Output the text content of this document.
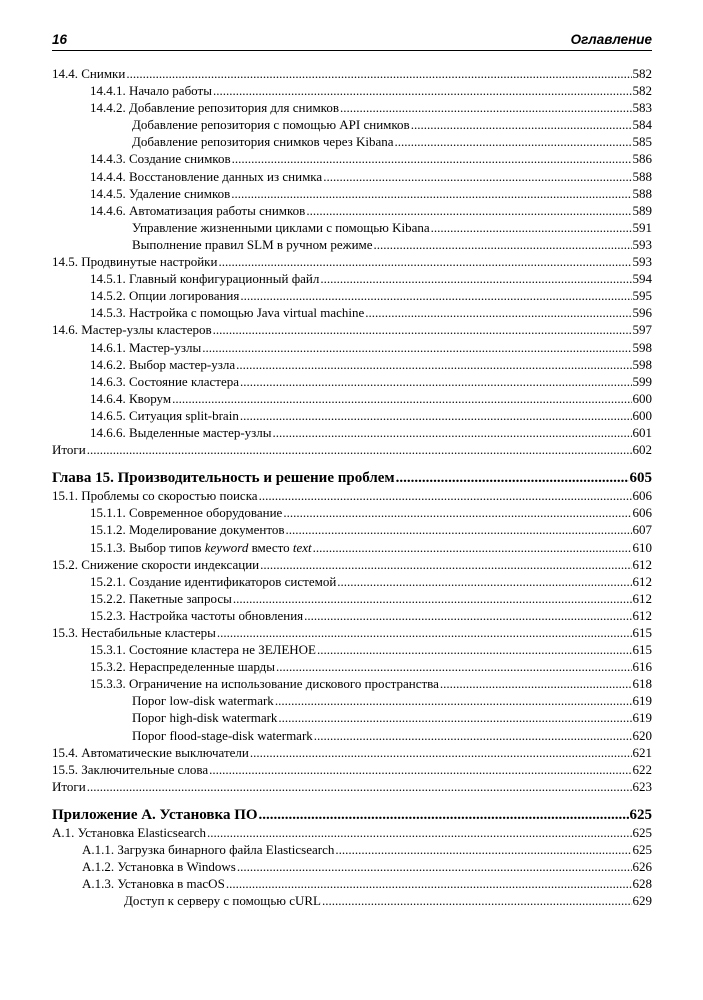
16	Оглавление
14.4. Снимки .....	582
14.4.1. Начало работы .....	582
14.4.2. Добавление репозитория для снимков .....	583
Добавление репозитория с помощью API снимков .....	584
Добавление репозитория снимков через Kibana .....	585
14.4.3. Создание снимков .....	586
14.4.4. Восстановление данных из снимка .....	588
14.4.5. Удаление снимков .....	588
14.4.6. Автоматизация работы снимков .....	589
Управление жизненными циклами с помощью Kibana .....	591
Выполнение правил SLM в ручном режиме .....	593
14.5. Продвинутые настройки .....	593
14.5.1. Главный конфигурационный файл .....	594
14.5.2. Опции логирования .....	595
14.5.3. Настройка с помощью Java virtual machine .....	596
14.6. Мастер-узлы кластеров .....	597
14.6.1. Мастер-узлы .....	598
14.6.2. Выбор мастер-узла .....	598
14.6.3. Состояние кластера .....	599
14.6.4. Кворум .....	600
14.6.5. Ситуация split-brain .....	600
14.6.6. Выделенные мастер-узлы .....	601
Итоги .....	602
Глава 15. Производительность и решение проблем .....	605
15.1. Проблемы со скоростью поиска .....	606
15.1.1. Современное оборудование .....	606
15.1.2. Моделирование документов .....	607
15.1.3. Выбор типов keyword вместо text .....	610
15.2. Снижение скорости индексации .....	612
15.2.1. Создание идентификаторов системой .....	612
15.2.2. Пакетные запросы .....	612
15.2.3. Настройка частоты обновления .....	612
15.3. Нестабильные кластеры .....	615
15.3.1. Состояние кластера не ЗЕЛЕНОЕ .....	615
15.3.2. Нераспределенные шарды .....	616
15.3.3. Ограничение на использование дискового пространства .....	618
Порог low-disk watermark .....	619
Порог high-disk watermark .....	619
Порог flood-stage-disk watermark .....	620
15.4. Автоматические выключатели .....	621
15.5. Заключительные слова .....	622
Итоги .....	623
Приложение А. Установка ПО .....	625
А.1. Установка Elasticsearch .....	625
А.1.1. Загрузка бинарного файла Elasticsearch .....	625
А.1.2. Установка в Windows .....	626
А.1.3. Установка в macOS .....	628
Доступ к серверу с помощью cURL .....	629
